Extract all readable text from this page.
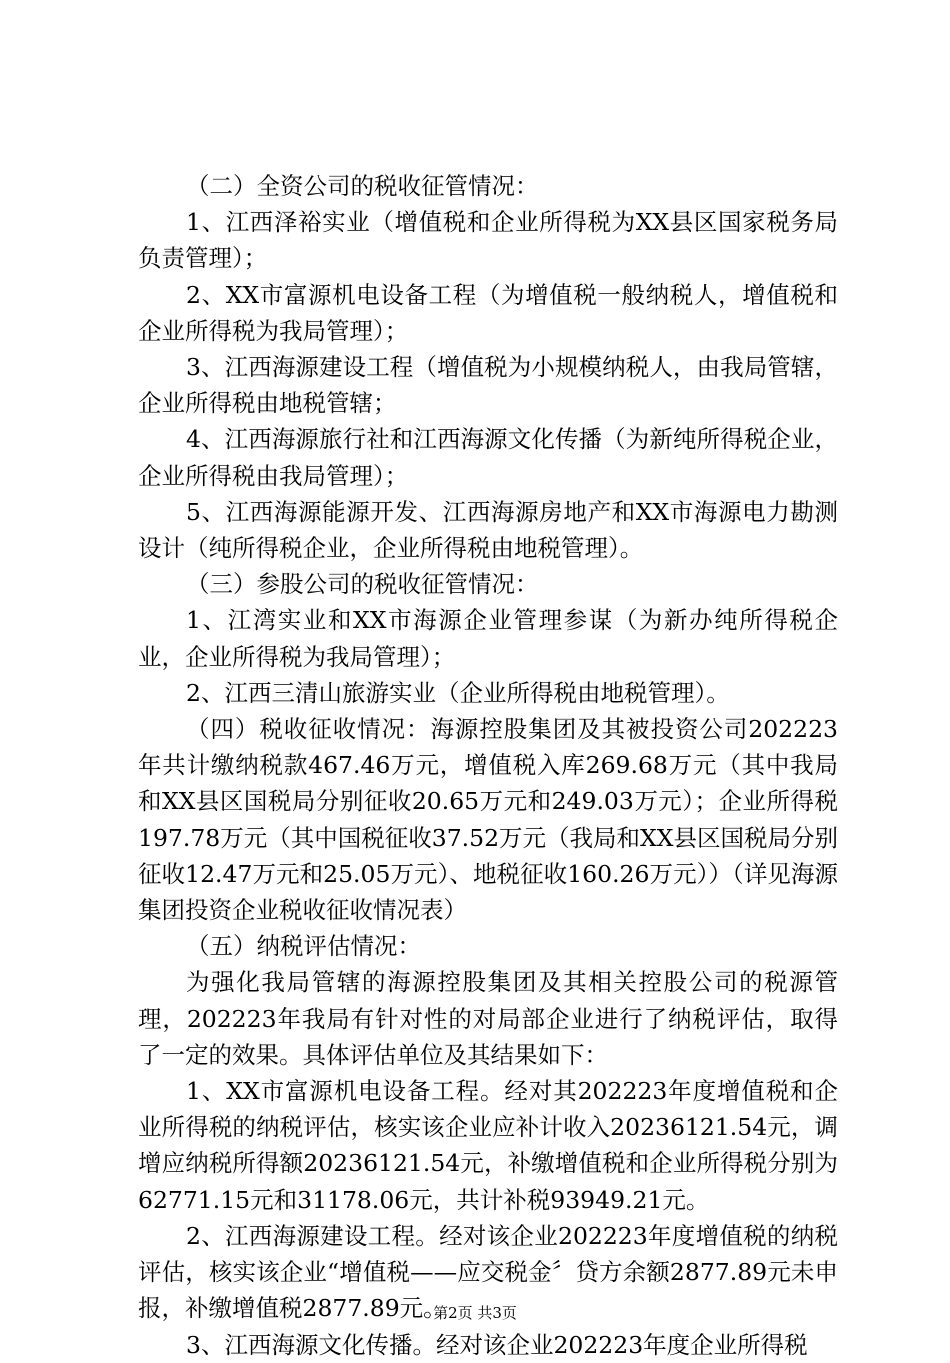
（二）全资公司的税收征管情况：

1、江西泽裕实业（增值税和企业所得税为XX县区国家税务局负责管理）；

2、XX市富源机电设备工程（为增值税一般纳税人，增值税和企业所得税为我局管理）；

3、江西海源建设工程（增值税为小规模纳税人，由我局管辖，企业所得税由地税管辖；

4、江西海源旅行社和江西海源文化传播（为新纯所得税企业，企业所得税由我局管理）；

5、江西海源能源开发、江西海源房地产和XX市海源电力勘测设计（纯所得税企业，企业所得税由地税管理）。

（三）参股公司的税收征管情况：

1、江湾实业和XX市海源企业管理参谋（为新办纯所得税企业，企业所得税为我局管理）；

2、江西三清山旅游实业（企业所得税由地税管理）。

（四）税收征收情况：海源控股集团及其被投资公司202223年共计缴纳税款467.46万元，增值税入库269.68万元（其中我局和XX县区国税局分别征收20.65万元和249.03万元）；企业所得税197.78万元（其中国税征收37.52万元（我局和XX县区国税局分别征收12.47万元和25.05万元）、地税征收160.26万元））（详见海源集团投资企业税收征收情况表）

（五）纳税评估情况：

为强化我局管辖的海源控股集团及其相关控股公司的税源管理，202223年我局有针对性的对局部企业进行了纳税评估，取得了一定的效果。具体评估单位及其结果如下：

1、XX市富源机电设备工程。经对其202223年度增值税和企业所得税的纳税评估，核实该企业应补计收入20236121.54元，调增应纳税所得额20236121.54元，补缴增值税和企业所得税分别为62771.15元和31178.06元，共计补税93949.21元。

2、江西海源建设工程。经对该企业202223年度增值税的纳税评估，核实该企业“增值税——应交税金〞贷方余额2877.89元未申报，补缴增值税2877.89元。

3、江西海源文化传播。经对该企业202223年度企业所得税

第2页 共3页
